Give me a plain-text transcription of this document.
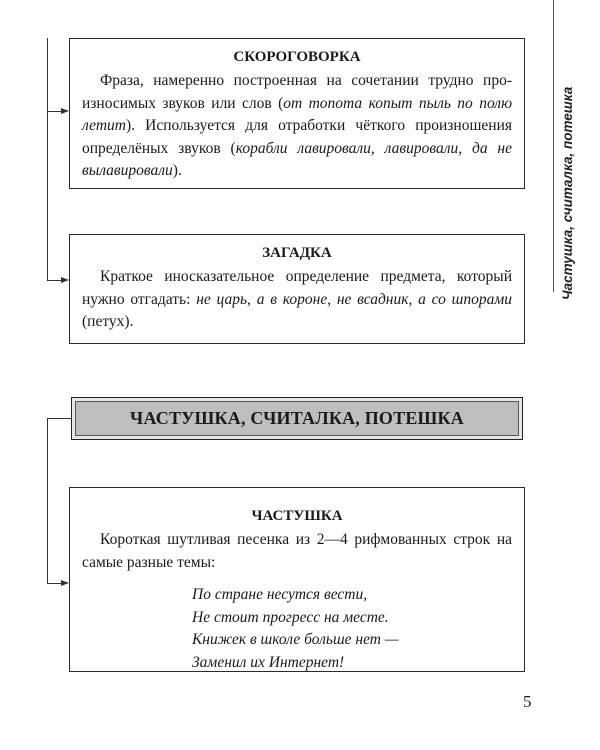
Частушка, считалка, потешка
СКОРОГОВОРКА
Фраза, намеренно построенная на сочетании трудно произносимых звуков или слов (от топота копыт пыль по полю летит). Используется для отработки чёткого произношения определёных звуков (корабли лавировали, лавировали, да не вылавировали).
ЗАГАДКА
Краткое иносказательное определение предмета, который нужно отгадать: не царь, а в короне, не всадник, а со шпорами (петух).
ЧАСТУШКА, СЧИТАЛКА, ПОТЕШКА
ЧАСТУШКА
Короткая шутливая песенка из 2—4 рифмованных строк на самые разные темы:
По стране несутся вести,
Не стоит прогресс на месте.
Книжек в школе больше нет —
Заменил их Интернет!
5
